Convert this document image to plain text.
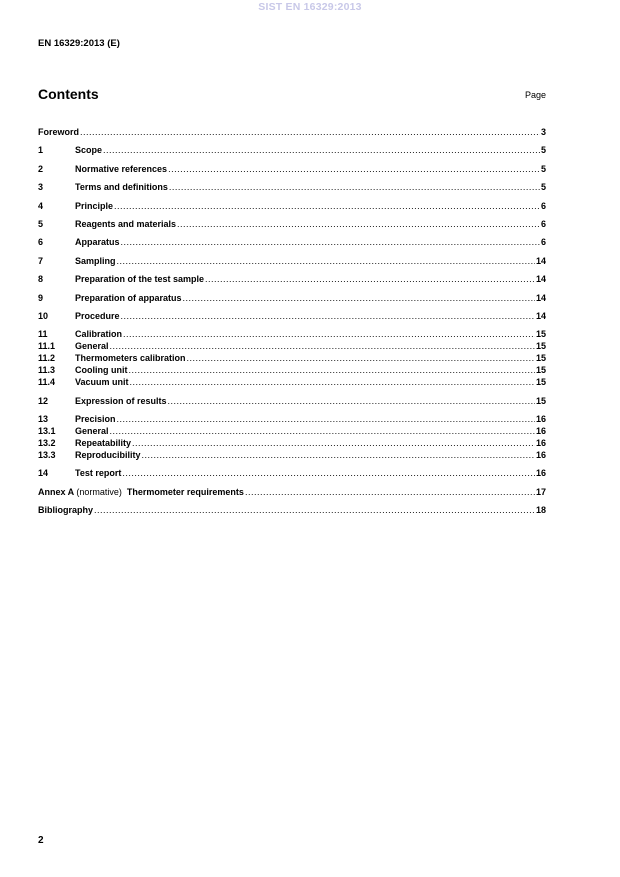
SIST EN 16329:2013
EN 16329:2013 (E)
Contents	Page
Foreword .....	3
1	Scope .....	5
2	Normative references .....	5
3	Terms and definitions .....	5
4	Principle .....	6
5	Reagents and materials .....	6
6	Apparatus .....	6
7	Sampling .....	14
8	Preparation of the test sample .....	14
9	Preparation of apparatus .....	14
10	Procedure .....	14
11	Calibration .....	15
11.1	General .....	15
11.2	Thermometers calibration .....	15
11.3	Cooling unit .....	15
11.4	Vacuum unit .....	15
12	Expression of results .....	15
13	Precision .....	16
13.1	General .....	16
13.2	Repeatability .....	16
13.3	Reproducibility .....	16
14	Test report .....	16
Annex A (normative) Thermometer requirements .....	17
Bibliography .....	18
2
